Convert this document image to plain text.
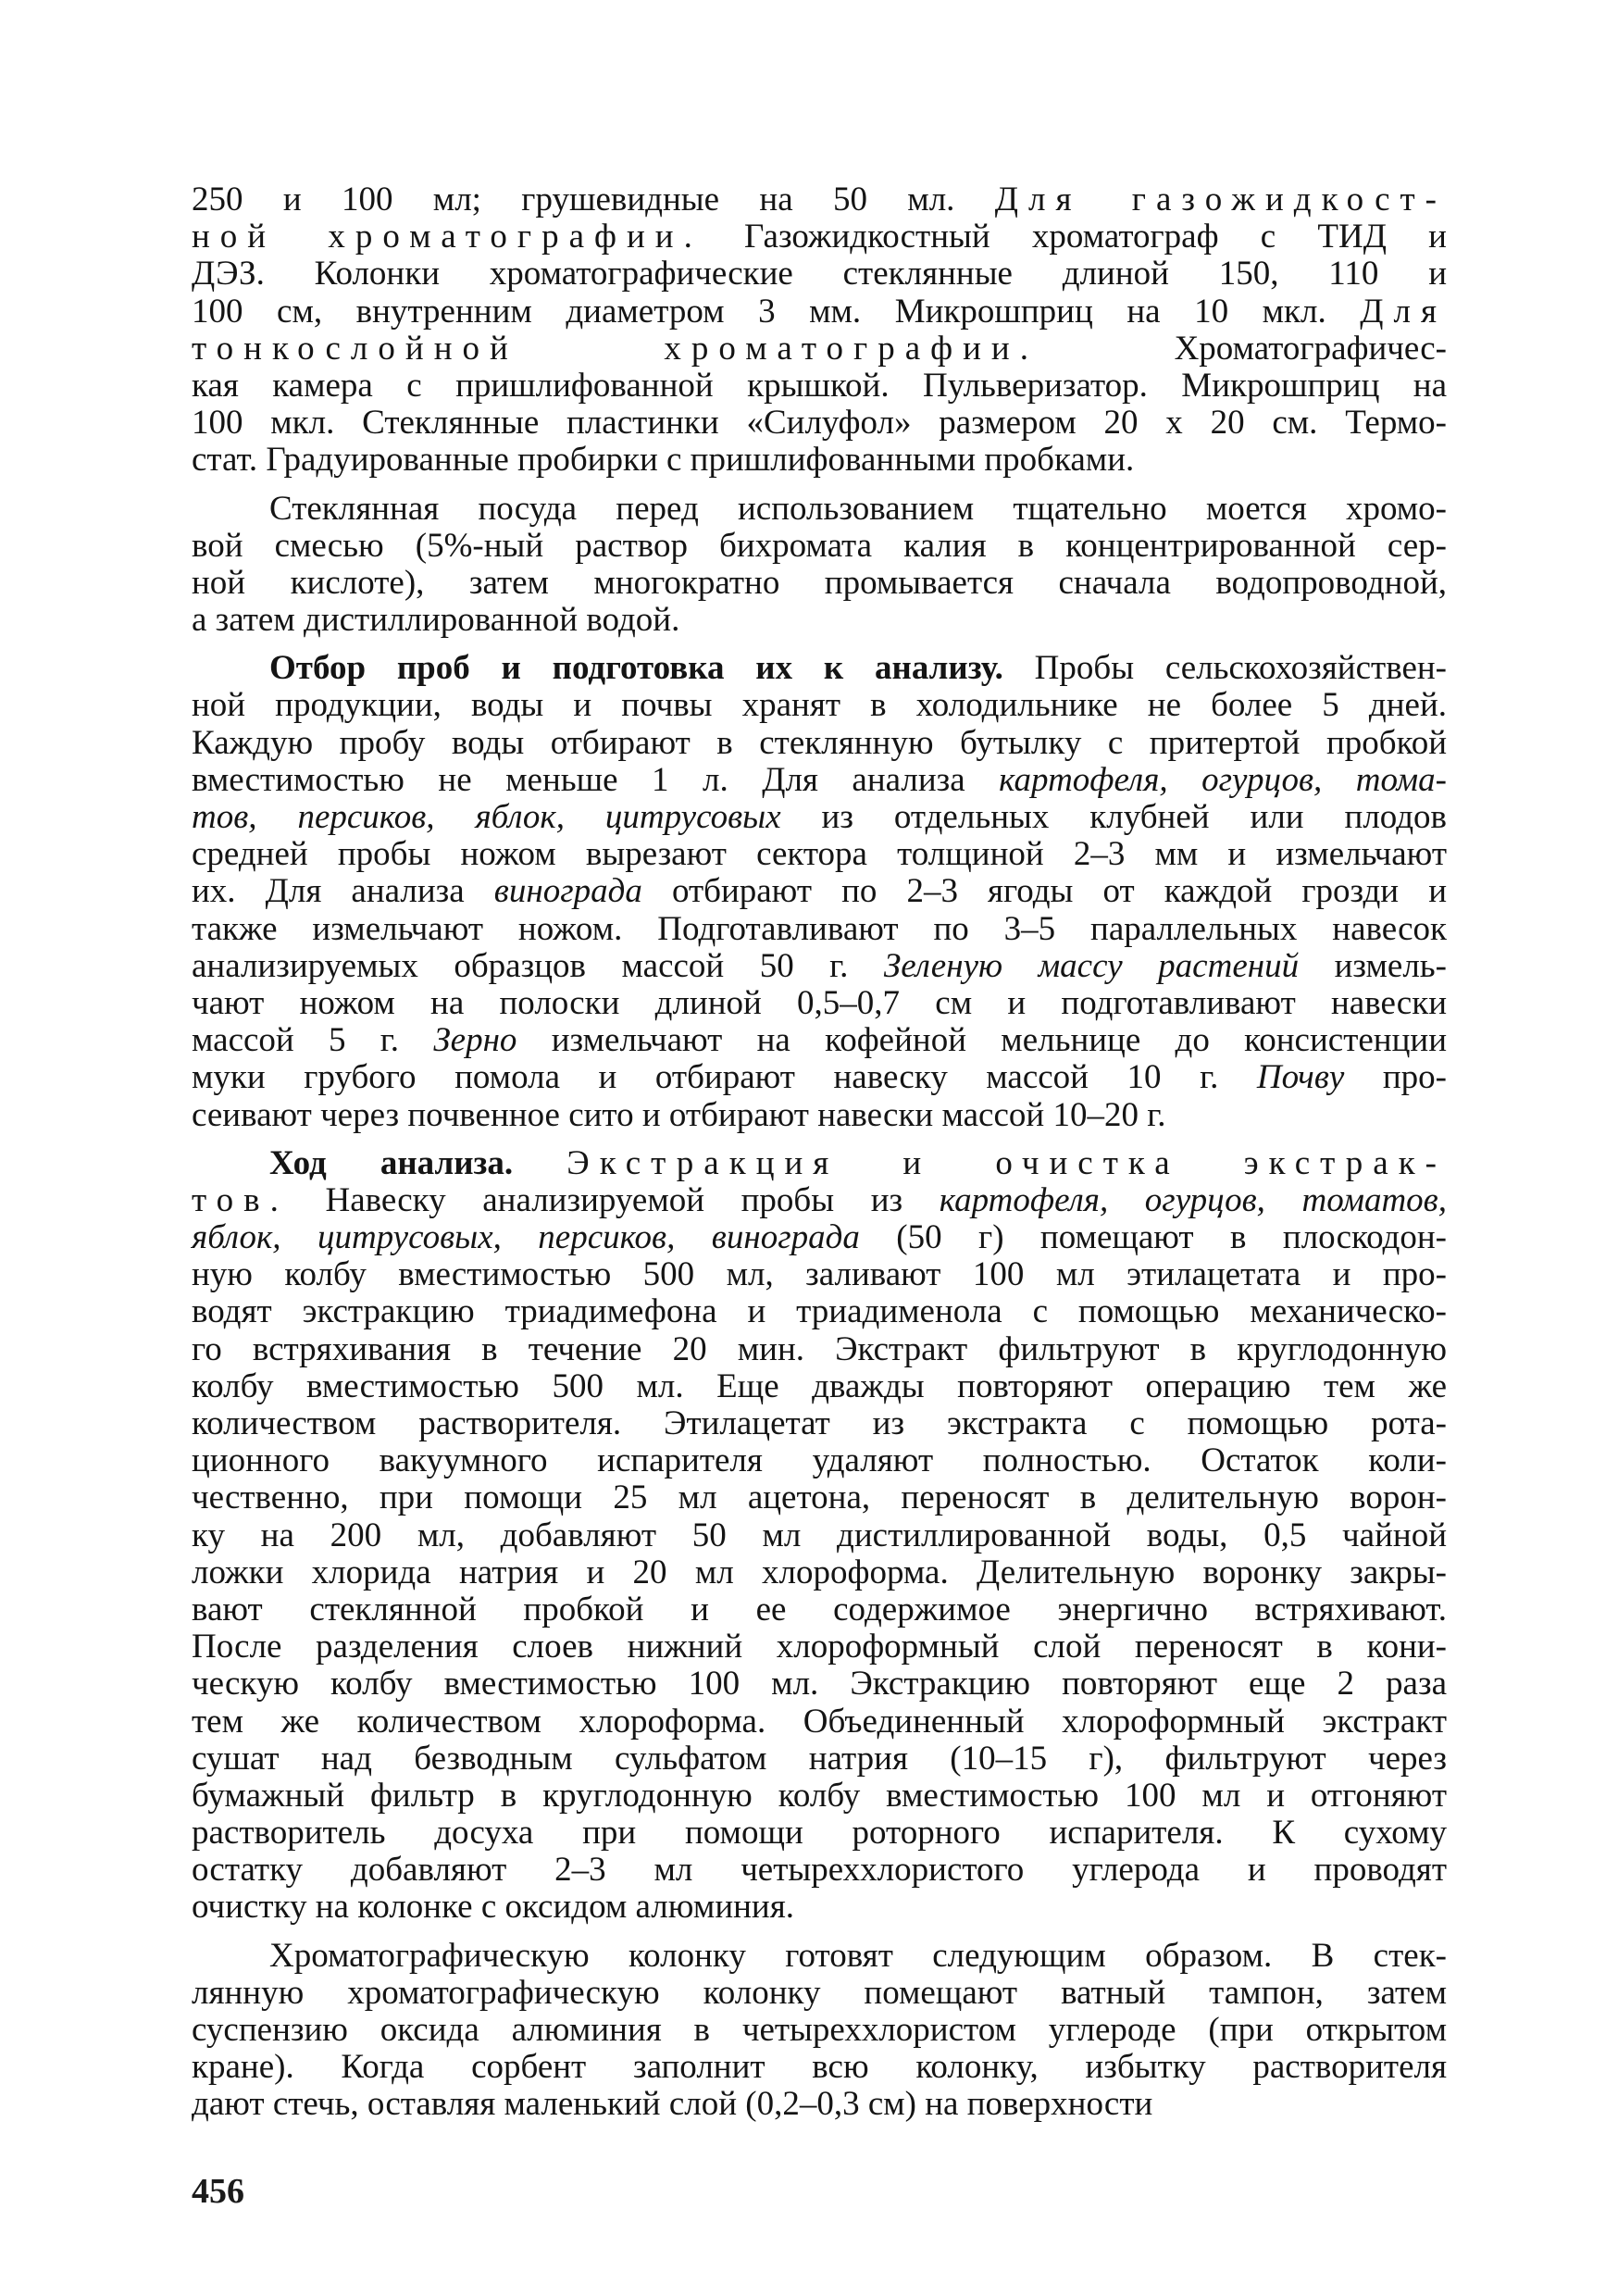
250 и 100 мл; грушевидные на 50 мл. Для газожидкост-
ной хроматографии. Газожидкостный хроматограф с ТИД и
ДЭЗ. Колонки хроматографические стеклянные длиной 150, 110 и
100 см, внутренним диаметром 3 мм. Микрошприц на 10 мкл. Для
тонкослойной хроматографии. Хроматографичес-
кая камера с пришлифованной крышкой. Пульверизатор. Микрошприц на
100 мкл. Стеклянные пластинки «Силуфол» размером 20 х 20 см. Термо-
стат. Градуированные пробирки с пришлифованными пробками.
Стеклянная посуда перед использованием тщательно моется хромо-
вой смесью (5%-ный раствор бихромата калия в концентрированной сер-
ной кислоте), затем многократно промывается сначала водопроводной,
а затем дистиллированной водой.
Отбор проб и подготовка их к анализу. Пробы сельскохозяйствен-
ной продукции, воды и почвы хранят в холодильнике не более 5 дней.
Каждую пробу воды отбирают в стеклянную бутылку с притертой пробкой
вместимостью не меньше 1 л. Для анализа картофеля, огурцов, тома-
тов, персиков, яблок, цитрусовых из отдельных клубней или плодов
средней пробы ножом вырезают сектора толщиной 2–3 мм и измельчают
их. Для анализа винограда отбирают по 2–3 ягоды от каждой грозди и
также измельчают ножом. Подготавливают по 3–5 параллельных навесок
анализируемых образцов массой 50 г. Зеленую массу растений измель-
чают ножом на полоски длиной 0,5–0,7 см и подготавливают навески
массой 5 г. Зерно измельчают на кофейной мельнице до консистенции
муки грубого помола и отбирают навеску массой 10 г. Почву про-
сеивают через почвенное сито и отбирают навески массой 10–20 г.
Ход анализа. Экстракция и очистка экстрак-
тов. Навеску анализируемой пробы из картофеля, огурцов, томатов,
яблок, цитрусовых, персиков, винограда (50 г) помещают в плоскодон-
ную колбу вместимостью 500 мл, заливают 100 мл этилацетата и про-
водят экстракцию триадимефона и триадименола с помощью механическо-
го встряхивания в течение 20 мин. Экстракт фильтруют в круглодонную
колбу вместимостью 500 мл. Еще дважды повторяют операцию тем же
количеством растворителя. Этилацетат из экстракта с помощью рота-
ционного вакуумного испарителя удаляют полностью. Остаток коли-
чественно, при помощи 25 мл ацетона, переносят в делительную ворон-
ку на 200 мл, добавляют 50 мл дистиллированной воды, 0,5 чайной
ложки хлорида натрия и 20 мл хлороформа. Делительную воронку закры-
вают стеклянной пробкой и ее содержимое энергично встряхивают.
После разделения слоев нижний хлороформный слой переносят в кони-
ческую колбу вместимостью 100 мл. Экстракцию повторяют еще 2 раза
тем же количеством хлороформа. Объединенный хлороформный экстракт
сушат над безводным сульфатом натрия (10–15 г), фильтруют через
бумажный фильтр в круглодонную колбу вместимостью 100 мл и отгоняют
растворитель досуха при помощи роторного испарителя. К сухому
остатку добавляют 2–3 мл четыреххлористого углерода и проводят
очистку на колонке с оксидом алюминия.
Хроматографическую колонку готовят следующим образом. В стек-
лянную хроматографическую колонку помещают ватный тампон, затем
суспензию оксида алюминия в четыреххлористом углероде (при открытом
кране). Когда сорбент заполнит всю колонку, избытку растворителя
дают стечь, оставляя маленький слой (0,2–0,3 см) на поверхности
456
